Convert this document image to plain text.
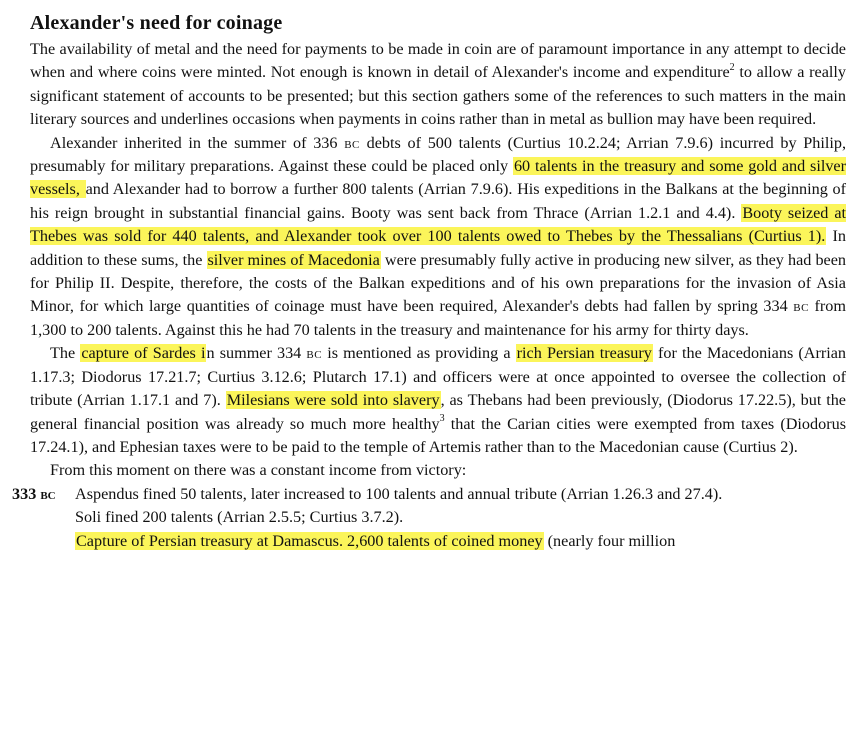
Alexander's need for coinage

The availability of metal and the need for payments to be made in coin are of paramount importance in any attempt to decide when and where coins were minted. Not enough is known in detail of Alexander's income and expenditure$^2$ to allow a really significant statement of accounts to be presented; but this section gathers some of the references to such matters in the main literary sources and underlines occasions when payments in coins rather than in metal as bullion may have been required.

Alexander inherited in the summer of 336 bc debts of 500 talents (Curtius 10.2.24; Arrian 7.9.6) incurred by Philip, presumably for military preparations. Against these could be placed only 60 talents in the treasury and some gold and silver vessels, and Alexander had to borrow a further 800 talents (Arrian 7.9.6). His expeditions in the Balkans at the beginning of his reign brought in substantial financial gains. Booty was sent back from Thrace (Arrian 1.2.1 and 4.4). Booty seized at Thebes was sold for 440 talents, and Alexander took over 100 talents owed to Thebes by the Thessalians (Curtius 1). In addition to these sums, the silver mines of Macedonia were presumably fully active in producing new silver, as they had been for Philip II. Despite, therefore, the costs of the Balkan expeditions and of his own preparations for the invasion of Asia Minor, for which large quantities of coinage must have been required, Alexander's debts had fallen by spring 334 bc from 1,300 to 200 talents. Against this he had 70 talents in the treasury and maintenance for his army for thirty days.

The capture of Sardes in summer 334 bc is mentioned as providing a rich Persian treasury for the Macedonians (Arrian 1.17.3; Diodorus 17.21.7; Curtius 3.12.6; Plutarch 17.1) and officers were at once appointed to oversee the collection of tribute (Arrian 1.17.1 and 7). Milesians were sold into slavery, as Thebans had been previously, (Diodorus 17.22.5), but the general financial position was already so much more healthy$^3$ that the Carian cities were exempted from taxes (Diodorus 17.24.1), and Ephesian taxes were to be paid to the temple of Artemis rather than to the Macedonian cause (Curtius 2).

From this moment on there was a constant income from victory:

333 bc	Aspendus fined 50 talents, later increased to 100 talents and annual tribute (Arrian 1.26.3 and 27.4).

Soli fined 200 talents (Arrian 2.5.5; Curtius 3.7.2).

Capture of Persian treasury at Damascus. 2,600 talents of coined money (nearly four million
